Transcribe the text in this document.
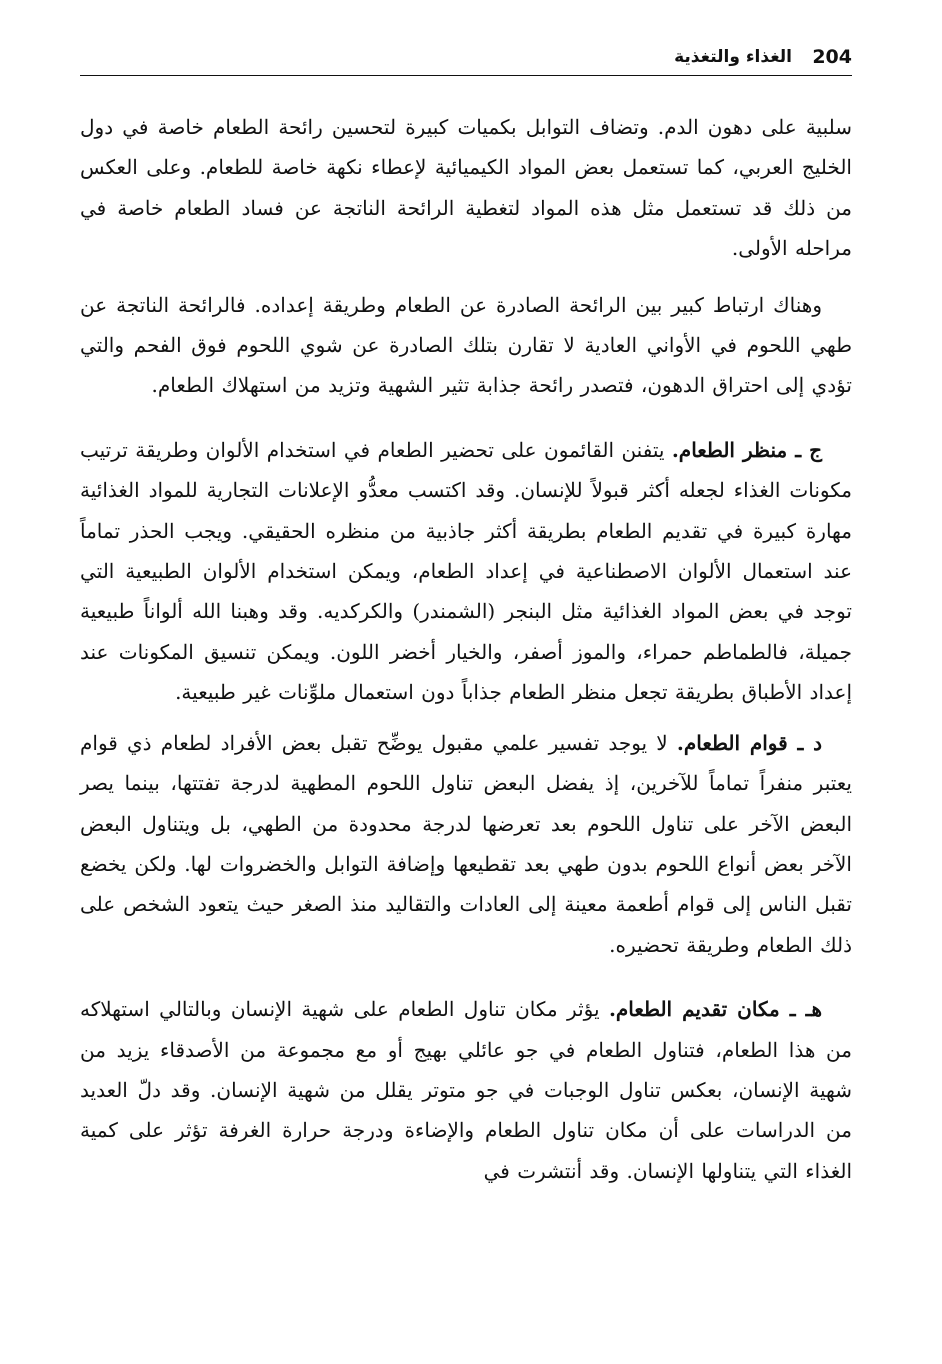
204
الغذاء والتغذية

سلبية على دهون الدم. وتضاف التوابل بكميات كبيرة لتحسين رائحة الطعام خاصة في دول الخليج العربي، كما تستعمل بعض المواد الكيميائية لإعطاء نكهة خاصة للطعام. وعلى العكس من ذلك قد تستعمل مثل هذه المواد لتغطية الرائحة الناتجة عن فساد الطعام خاصة في مراحله الأولى.

وهناك ارتباط كبير بين الرائحة الصادرة عن الطعام وطريقة إعداده. فالرائحة الناتجة عن طهي اللحوم في الأواني العادية لا تقارن بتلك الصادرة عن شوي اللحوم فوق الفحم والتي تؤدي إلى احتراق الدهون، فتصدر رائحة جذابة تثير الشهية وتزيد من استهلاك الطعام.

ج ـ منظر الطعام. يتفنن القائمون على تحضير الطعام في استخدام الألوان وطريقة ترتيب مكونات الغذاء لجعله أكثر قبولاً للإنسان. وقد اكتسب معدُّو الإعلانات التجارية للمواد الغذائية مهارة كبيرة في تقديم الطعام بطريقة أكثر جاذبية من منظره الحقيقي. ويجب الحذر تماماً عند استعمال الألوان الاصطناعية في إعداد الطعام، ويمكن استخدام الألوان الطبيعية التي توجد في بعض المواد الغذائية مثل البنجر (الشمندر) والكركديه. وقد وهبنا الله ألواناً طبيعية جميلة، فالطماطم حمراء، والموز أصفر، والخيار أخضر اللون. ويمكن تنسيق المكونات عند إعداد الأطباق بطريقة تجعل منظر الطعام جذاباً دون استعمال ملوِّنات غير طبيعية.

د ـ قوام الطعام. لا يوجد تفسير علمي مقبول يوضِّح تقبل بعض الأفراد لطعام ذي قوام يعتبر منفراً تماماً للآخرين، إذ يفضل البعض تناول اللحوم المطهية لدرجة تفتتها، بينما يصر البعض الآخر على تناول اللحوم بعد تعرضها لدرجة محدودة من الطهي، بل ويتناول البعض الآخر بعض أنواع اللحوم بدون طهي بعد تقطيعها وإضافة التوابل والخضروات لها. ولكن يخضع تقبل الناس إلى قوام أطعمة معينة إلى العادات والتقاليد منذ الصغر حيث يتعود الشخص على ذلك الطعام وطريقة تحضيره.

هـ ـ مكان تقديم الطعام. يؤثر مكان تناول الطعام على شهية الإنسان وبالتالي استهلاكه من هذا الطعام، فتناول الطعام في جو عائلي بهيج أو مع مجموعة من الأصدقاء يزيد من شهية الإنسان، بعكس تناول الوجبات في جو متوتر يقلل من شهية الإنسان. وقد دلّ العديد من الدراسات على أن مكان تناول الطعام والإضاءة ودرجة حرارة الغرفة تؤثر على كمية الغذاء التي يتناولها الإنسان. وقد أنتشرت في
